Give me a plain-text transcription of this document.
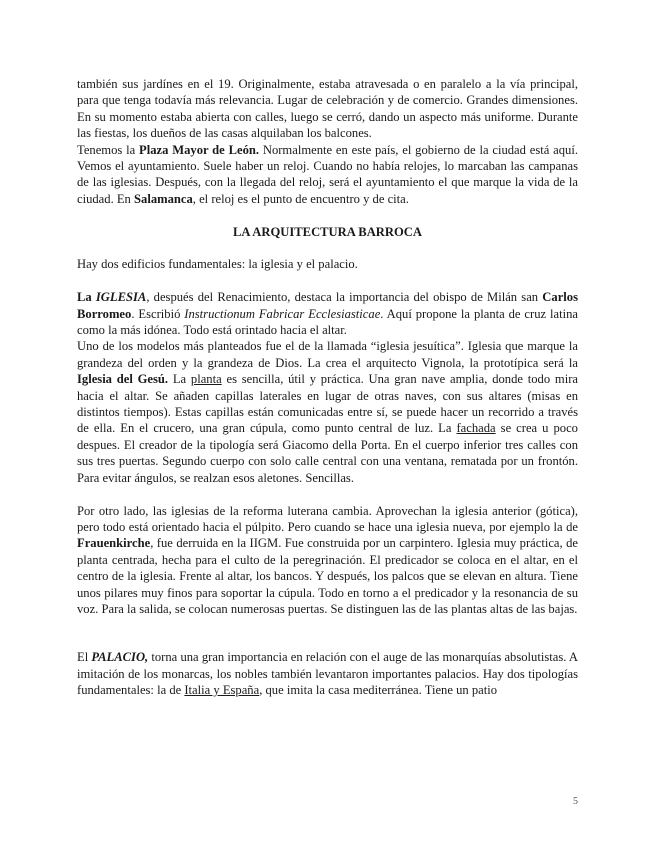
también sus jardínes en el 19. Originalmente, estaba atravesada o en paralelo a la vía principal, para que tenga todavía más relevancia. Lugar de celebración y de comercio. Grandes dimensiones. En su momento estaba abierta con calles, luego se cerró, dando un aspecto más uniforme. Durante las fiestas, los dueños de las casas alquilaban los balcones.

Tenemos la Plaza Mayor de León. Normalmente en este país, el gobierno de la ciudad está aquí. Vemos el ayuntamiento. Suele haber un reloj. Cuando no había relojes, lo marcaban las campanas de las iglesias. Después, con la llegada del reloj, será el ayuntamiento el que marque la vida de la ciudad. En Salamanca, el reloj es el punto de encuentro y de cita.

LA ARQUITECTURA BARROCA

Hay dos edificios fundamentales: la iglesia y el palacio.

La IGLESIA, después del Renacimiento, destaca la importancia del obispo de Milán san Carlos Borromeo. Escribió Instructionum Fabricar Ecclesiasticae. Aquí propone la planta de cruz latina como la más idónea. Todo está orintado hacia el altar.

Uno de los modelos más planteados fue el de la llamada “iglesia jesuítica”. Iglesia que marque la grandeza del orden y la grandeza de Dios. La crea el arquitecto Vignola, la prototípica será la Iglesia del Gesú. La planta es sencilla, útil y práctica. Una gran nave amplia, donde todo mira hacia el altar. Se añaden capillas laterales en lugar de otras naves, con sus altares (misas en distintos tiempos). Estas capillas están comunicadas entre sí, se puede hacer un recorrido a través de ella. En el crucero, una gran cúpula, como punto central de luz. La fachada se crea u poco despues. El creador de la tipología será Giacomo della Porta. En el cuerpo inferior tres calles con sus tres puertas. Segundo cuerpo con solo calle central con una ventana, rematada por un frontón. Para evitar ángulos, se realzan esos aletones. Sencillas.

Por otro lado, las iglesias de la reforma luterana cambia. Aprovechan la iglesia anterior (gótica), pero todo está orientado hacia el púlpito. Pero cuando se hace una iglesia nueva, por ejemplo la de Frauenkirche, fue derruida en la IIGM. Fue construida por un carpintero. Iglesia muy práctica, de planta centrada, hecha para el culto de la peregrinación. El predicador se coloca en el altar, en el centro de la iglesia. Frente al altar, los bancos. Y después, los palcos que se elevan en altura. Tiene unos pilares muy finos para soportar la cúpula. Todo en torno a el predicador y la resonancia de su voz. Para la salida, se colocan numerosas puertas. Se distinguen las de las plantas altas de las bajas.

El PALACIO, torna una gran importancia en relación con el auge de las monarquías absolutistas. A imitación de los monarcas, los nobles también levantaron importantes palacios. Hay dos tipologías fundamentales: la de Italia y España, que imita la casa mediterránea. Tiene un patio

5
